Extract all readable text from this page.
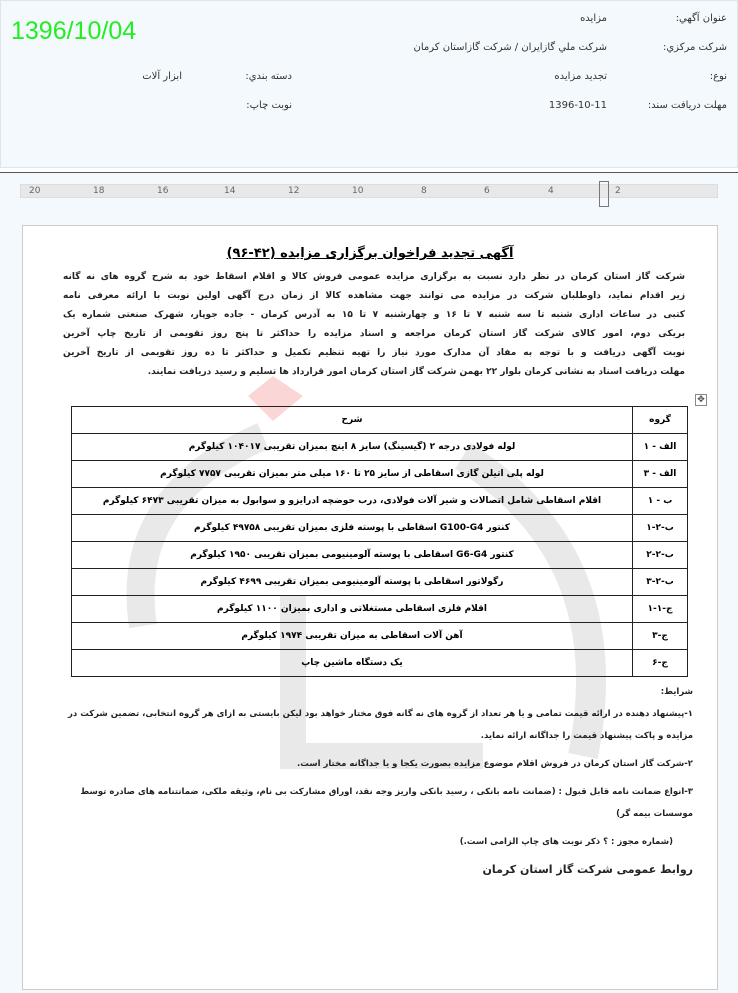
1396/10/04	عنوان آگهي:
مزايده
شركت مركزي:
شركت ملي گازايران / شركت گازاستان كرمان
نوع:
تجديد مزايده
دسته بندي:
ابزار آلات
مهلت دريافت سند:
1396-10-11
نوبت چاپ:
20	18	16	14	12	10	8	6	4	2
آگهی تجدید فراخوان برگزاری مزایده (۴۲-۹۶)
شرکت گاز استان کرمان در نظر دارد نسبت به برگزاری مزایده عمومی فروش کالا و اقلام اسقاط خود به شرح گروه های نه گانه
زیر اقدام نماید، داوطلبان شرکت در مزایده می توانند جهت مشاهده کالا از زمان درج آگهی اولین نوبت با ارائه معرفی نامه
کتبی در ساعات اداری شنبه تا سه شنبه ۷ تا ۱۶ و چهارشنبه ۷ تا ۱۵ به آدرس کرمان - جاده جوپار، شهرک صنعتی شماره یک
بریکی دوم، امور کالای شرکت گاز استان کرمان مراجعه و اسناد مزایده را حداکثر تا پنج روز تقویمی از تاریخ چاپ آخرین
نوبت آگهی دریافت و با توجه به مفاد آن مدارک مورد نیاز را تهیه تنظیم تکمیل و حداکثر تا ده روز تقویمی از تاریخ آخرین
مهلت دریافت اسناد به نشانی کرمان بلوار ۲۲ بهمن شرکت گاز استان کرمان امور قرارداد ها تسلیم و رسید دریافت نمایند.
✥
گروه	شرح
الف - ۱	لوله فولادی درجه ۲ (گیسینگ) سایز ۸ اینچ بمیزان تقریبی ۱۰۴۰۱۷ کیلوگرم
الف - ۳	لوله پلی اتیلن گازی اسقاطی از سایز ۲۵ تا ۱۶۰ میلی متر بمیزان تقریبی ۷۷۵۷ کیلوگرم
ب - ۱	اقلام اسقاطی شامل اتصالات و شیر آلات فولادی، درب حوضچه ادرایزو و سوابول به میزان تقریبی ۶۴۷۳ کیلوگرم
ب-۲-۱	کنتور G100-G4 اسقاطی با پوسته فلزی بمیزان تقریبی ۴۹۷۵۸ کیلوگرم
ب-۲-۲	کنتور G6-G4 اسقاطی با پوسته آلومینیومی بمیزان تقریبی ۱۹۵۰ کیلوگرم
ب-۲-۳	رگولاتور اسقاطی با پوسته آلومینیومی بمیزان تقریبی ۴۶۹۹ کیلوگرم
ج-۱-۱	اقلام فلزی اسقاطی مستغلاتی و اداری بمیزان ۱۱۰۰ کیلوگرم
ج-۳	آهن آلات اسقاطی به میزان تقریبی ۱۹۷۴ کیلوگرم
ج-۶	یک دستگاه ماشین چاپ
شرایط:
۱-پیشنهاد دهنده در ارائه قیمت تمامی و یا هر تعداد از گروه های نه گانه فوق مختار خواهد بود لیکن بایستی به ازای هر گروه انتخابی، تضمین شرکت در مزایده و پاکت پیشنهاد قیمت را جداگانه ارائه نماید.
۲-شرکت گاز استان کرمان در فروش اقلام موضوع مزایده بصورت یکجا و یا جداگانه مختار است.
۳-انواع ضمانت نامه قابل قبول : (ضمانت نامه بانکی ، رسید بانکی واریز وجه نقد، اوراق مشارکت بی نام، وثیقه ملکی، ضمانتنامه های صادره توسط موسسات بیمه گر)
(شماره مجوز : ؟ ذکر نوبت های چاپ الزامی است.)
روابط عمومی شرکت گاز استان کرمان
